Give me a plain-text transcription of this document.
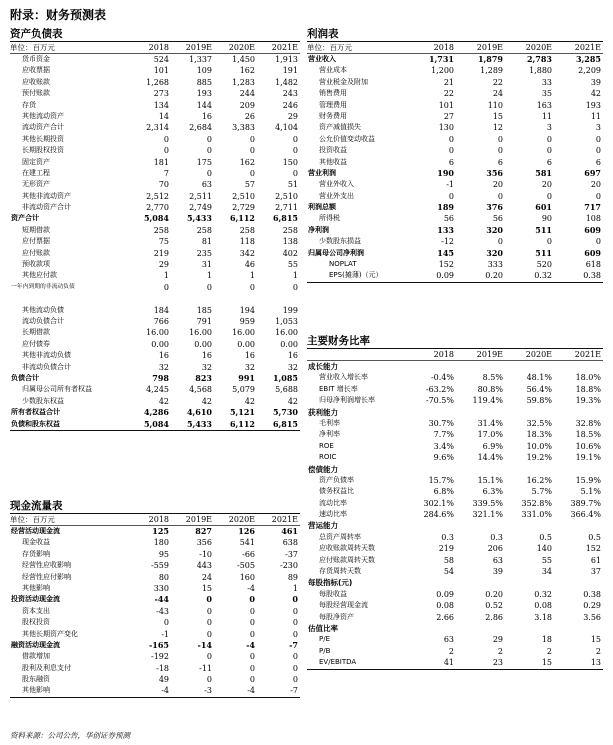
附录：财务预测表
资产负债表
单位：百万元	2018	2019E	2020E	2021E
货币资金	524	1,337	1,450	1,913
应收票据	101	109	162	191
应收账款	1,268	885	1,283	1,482
预付账款	273	193	244	243
存货	134	144	209	246
其他流动资产	14	16	26	29
流动资产合计	2,314	2,684	3,383	4,104
其他长期投资	0	0	0	0
长期股权投资	0	0	0	0
固定资产	181	175	162	150
在建工程	7	0	0	0
无形资产	70	63	57	51
其他非流动资产	2,512	2,511	2,510	2,510
非流动资产合计	2,770	2,749	2,729	2,711
资产合计	5,084	5,433	6,112	6,815
短期借款	258	258	258	258
应付票据	75	81	118	138
应付账款	219	235	342	402
预收款项	29	31	46	55
其他应付款	1	1	1	1
一年内到期的非流动负债	0	0	0	0
其他流动负债	184	185	194	199
流动负债合计	766	791	959	1,053
长期借款	16.00	16.00	16.00	16.00
应付债券	0.00	0.00	0.00	0.00
其他非流动负债	16	16	16	16
非流动负债合计	32	32	32	32
负债合计	798	823	991	1,085
归属母公司所有者权益	4,245	4,568	5,079	5,688
少数股东权益	42	42	42	42
所有者权益合计	4,286	4,610	5,121	5,730
负债和股东权益	5,084	5,433	6,112	6,815
现金流量表
单位：百万元	2018	2019E	2020E	2021E
经营活动现金流	125	827	126	461
现金收益	180	356	541	638
存货影响	95	-10	-66	-37
经营性应收影响	-559	443	-505	-230
经营性应付影响	80	24	160	89
其他影响	330	15	-4	1
投资活动现金流	-44	0	0	0
资本支出	-43	0	0	0
股权投资	0	0	0	0
其他长期资产变化	-1	0	0	0
融资活动现金流	-165	-14	-4	-7
借款增加	-192	0	0	0
股利及利息支付	-18	-11	0	0
股东融资	49	0	0	0
其他影响	-4	-3	-4	-7
利润表
单位：百万元	2018	2019E	2020E	2021E
营业收入	1,731	1,879	2,783	3,285
营业成本	1,200	1,289	1,880	2,209
营业税金及附加	21	22	33	39
销售费用	22	24	35	42
管理费用	101	110	163	193
财务费用	27	15	11	11
资产减值损失	130	12	3	3
公允价值变动收益	0	0	0	0
投资收益	0	0	0	0
其他收益	6	6	6	6
营业利润	190	356	581	697
营业外收入	-1	20	20	20
营业外支出	0	0	0	0
利润总额	189	376	601	717
所得税	56	56	90	108
净利润	133	320	511	609
少数股东损益	-12	0	0	0
归属母公司净利润	145	320	511	609
NOPLAT	152	333	520	618
EPS(摊薄)（元）	0.09	0.20	0.32	0.38
主要财务比率
2018	2019E	2020E	2021E
成长能力
营业收入增长率	-0.4%	8.5%	48.1%	18.0%
EBIT 增长率	-63.2%	80.8%	56.4%	18.8%
归母净利润增长率	-70.5%	119.4%	59.8%	19.3%
获利能力
毛利率	30.7%	31.4%	32.5%	32.8%
净利率	7.7%	17.0%	18.3%	18.5%
ROE	3.4%	6.9%	10.0%	10.6%
ROIC	9.6%	14.4%	19.2%	19.1%
偿债能力
资产负债率	15.7%	15.1%	16.2%	15.9%
债务权益比	6.8%	6.3%	5.7%	5.1%
流动比率	302.1%	339.5%	352.8%	389.7%
速动比率	284.6%	321.1%	331.0%	366.4%
营运能力
总资产周转率	0.3	0.3	0.5	0.5
应收账款周转天数	219	206	140	152
应付账款周转天数	58	63	55	61
存货周转天数	54	39	34	37
每股指标(元)
每股收益	0.09	0.20	0.32	0.38
每股经营现金流	0.08	0.52	0.08	0.29
每股净资产	2.66	2.86	3.18	3.56
估值比率
P/E	63	29	18	15
P/B	2	2	2	2
EV/EBITDA	41	23	15	13
资料来源：公司公告，华创证券预测
